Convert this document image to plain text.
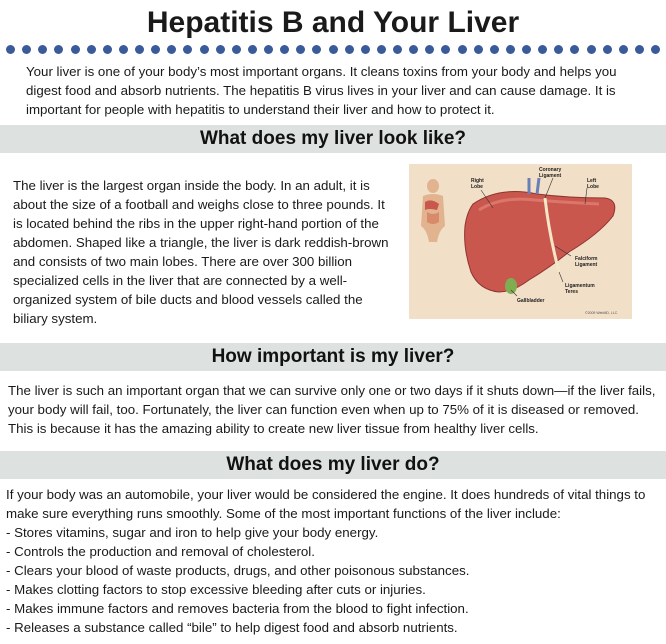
Hepatitis B and Your Liver

Your liver is one of your body’s most important organs. It cleans toxins from your body and helps you digest food and absorb nutrients. The hepatitis B virus lives in your liver and can cause damage. It is important for people with hepatitis to understand their liver and how to protect it.

What does my liver look like?

The liver is the largest organ inside the body. In an adult, it is about the size of a football and weighs close to three pounds. It is located behind the ribs in the upper right-hand portion of the abdomen. Shaped like a triangle, the liver is dark reddish-brown and consists of two main lobes. There are over 300 billion specialized cells in the liver that are connected by a well-organized system of bile ducts and blood vessels called the biliary system.

Right
Lobe
Coronary
Ligament
Left
Lobe
Falciform
Ligament
Ligamentum
Teres
Gallbladder
©2009 WebMD, LLC
How important is my liver?

The liver is such an important organ that we can survive only one or two days if it shuts down—if the liver fails, your body will fail, too. Fortunately, the liver can function even when up to 75% of it is diseased or removed. This is because it has the amazing ability to create new liver tissue from healthy liver cells.

What does my liver do?

If your body was an automobile, your liver would be considered the engine. It does hundreds of vital things to make sure everything runs smoothly. Some of the most important functions of the liver include:

- Stores vitamins, sugar and iron to help give your body energy.
- Controls the production and removal of cholesterol.
- Clears your blood of waste products, drugs, and other poisonous substances.
- Makes clotting factors to stop excessive bleeding after cuts or injuries.
- Makes immune factors and removes bacteria from the blood to fight infection.
- Releases a substance called “bile” to help digest food and absorb nutrients.
